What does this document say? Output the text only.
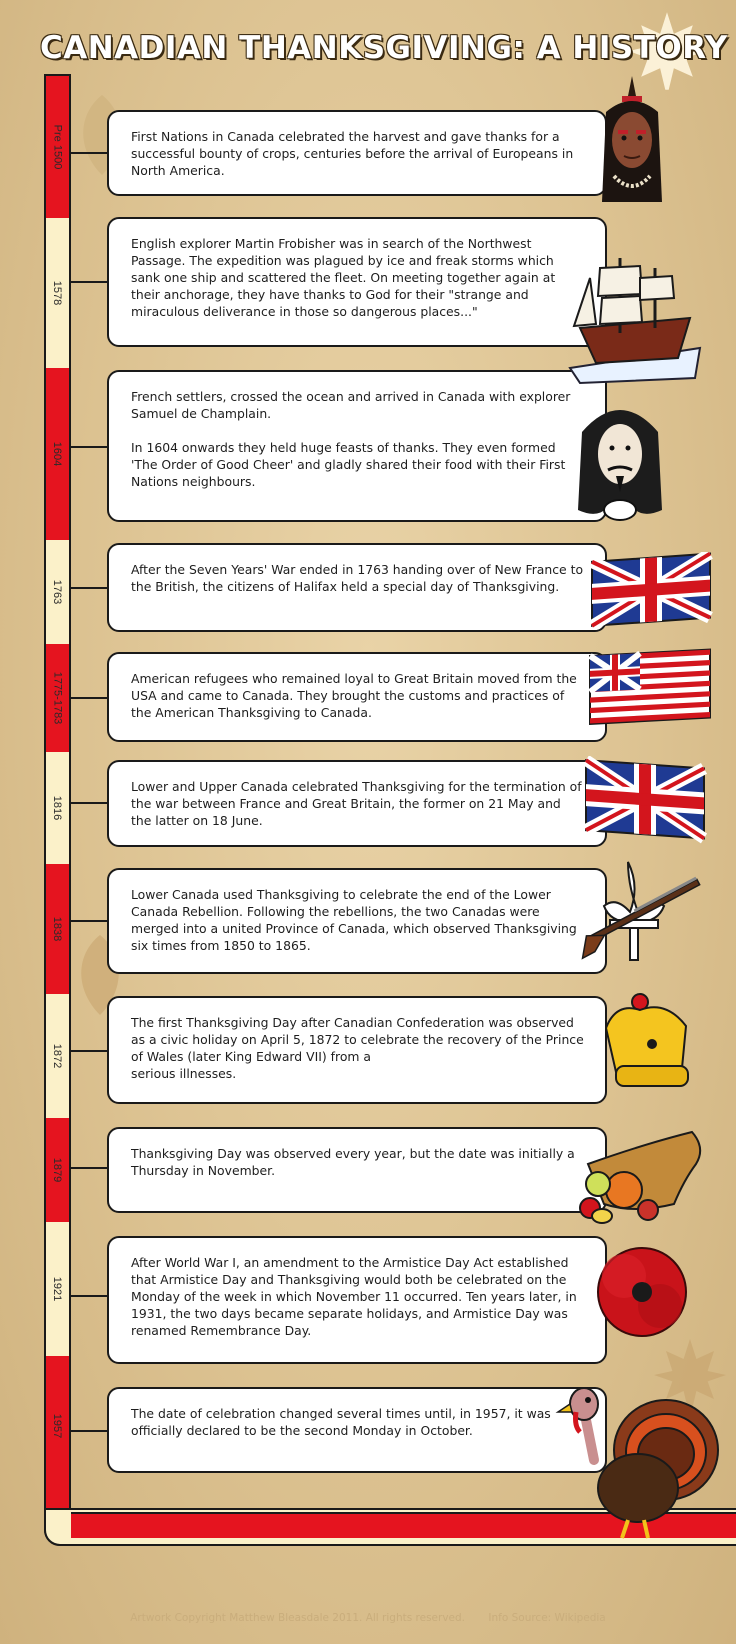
CANADIAN THANKSGIVING: A HISTORY
Pre 1500
1578
1604
1763
1775-1783
1816
1838
1872
1879
1921
1957

First Nations in Canada celebrated the harvest and gave thanks for a successful bounty of crops, centuries before the arrival of Europeans in North America.

English explorer Martin Frobisher was in search of the Northwest Passage. The expedition was plagued by ice and freak storms which sank one ship and scattered the fleet. On meeting together again at their anchorage, they have thanks to God for their "strange and miraculous deliverance in those so dangerous places..."

French settlers, crossed the ocean and arrived in Canada with explorer Samuel de Champlain.

In 1604 onwards they held huge feasts of thanks. They even formed 'The Order of Good Cheer' and gladly shared their food with their First Nations neighbours.

After the Seven Years' War ended in 1763 handing over of New France to the British, the citizens of Halifax held a special day of Thanksgiving.

American refugees who remained loyal to Great Britain moved from the USA and came to Canada. They brought the customs and practices of the American Thanksgiving to Canada.

Lower and Upper Canada celebrated Thanksgiving for the termination of the war between France and Great Britain, the former on 21 May and the latter on 18 June.

Lower Canada used Thanksgiving to celebrate the end of the Lower Canada Rebellion. Following the rebellions, the two Canadas were merged into a united Province of Canada, which observed Thanksgiving six times from 1850 to 1865.

The first Thanksgiving Day after Canadian Confederation was observed as a civic holiday on April 5, 1872 to celebrate the recovery of the Prince of Wales (later King Edward VII) from a
serious illnesses.

Thanksgiving Day was observed every year, but the date was initially a Thursday in November.

After World War I, an amendment to the Armistice Day Act established that Armistice Day and Thanksgiving would both be celebrated on the Monday of the week in which November 11 occurred. Ten years later, in 1931, the two days became separate holidays, and Armistice Day was renamed Remembrance Day.

The date of celebration changed several times until, in 1957, it was officially declared to be the second Monday in October.

Artwork Copyright Matthew Bleasdale 2011. All rights reserved. Info Source: Wikipedia
